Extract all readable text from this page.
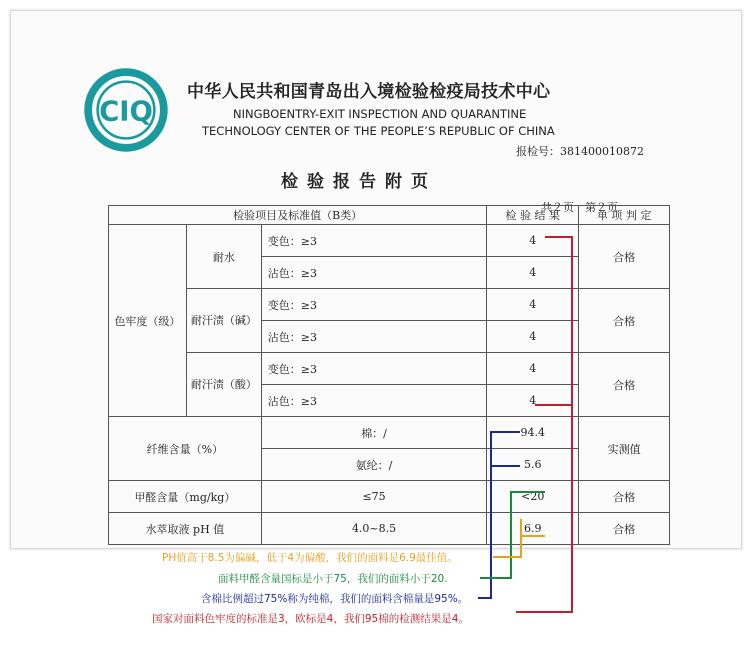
CIQ
中华人民共和国青岛出入境检验检疫局技术中心
NINGBOENTRY-EXIT INSPECTION AND QUARANTINE
TECHNOLOGY CENTER OF THE PEOPLE’S REPUBLIC OF CHINA
报检号：381400010872
检验报告附页
共２页　第２页
检验项目及标准值（B类）			检 验 结 果	单 项 判 定
色牢度（级）	耐水	变色：≥3	4	合格
		沾色：≥3	4	
	耐汗渍（碱）	变色：≥3	4	合格
		沾色：≥3	4	
	耐汗渍（酸）	变色：≥3	4	合格
		沾色：≥3	4	
纤维含量（%）		棉：/	94.4	实测值
		氨纶：/	5.6	
甲醛含量（mg/kg）		≤75	<20	合格
水萃取液 pH 值		4.0~8.5	6.9	合格
PH值高于8.5为偏碱，低于4为偏酸，我们的面料是6.9最佳值。
面料甲醛含量国标是小于75，我们的面料小于20.
含棉比例超过75%称为纯棉，我们的面料含棉量是95%。
国家对面料色牢度的标准是3，欧标是4，我们95棉的检测结果是4。
